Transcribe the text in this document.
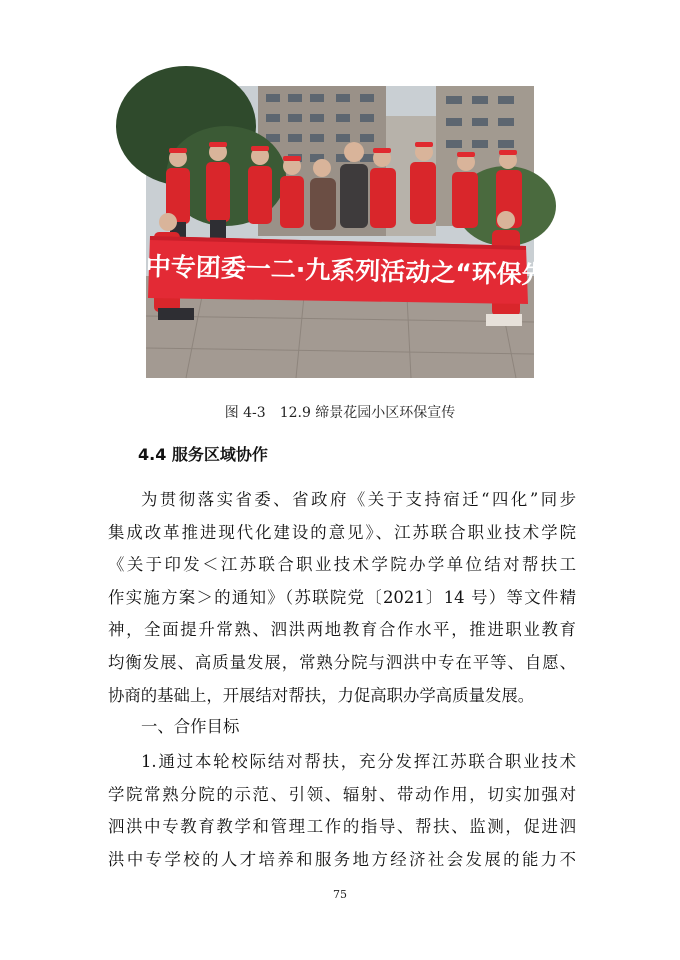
泗洪中专团委一二·九系列活动之“环保先锋”
图 4-3 12.9 缔景花园小区环保宣传
4.4 服务区域协作
为贯彻落实省委、省政府《关于支持宿迁“四化”同步
集成改革推进现代化建设的意见》、江苏联合职业技术学院
《关于印发＜江苏联合职业技术学院办学单位结对帮扶工
作实施方案＞的通知》（苏联院党〔2021〕14 号）等文件精
神，全面提升常熟、泗洪两地教育合作水平，推进职业教育
均衡发展、高质量发展，常熟分院与泗洪中专在平等、自愿、
协商的基础上，开展结对帮扶，力促高职办学高质量发展。
一、合作目标
1.通过本轮校际结对帮扶，充分发挥江苏联合职业技术
学院常熟分院的示范、引领、辐射、带动作用，切实加强对
泗洪中专教育教学和管理工作的指导、帮扶、监测，促进泗
洪中专学校的人才培养和服务地方经济社会发展的能力不
75
